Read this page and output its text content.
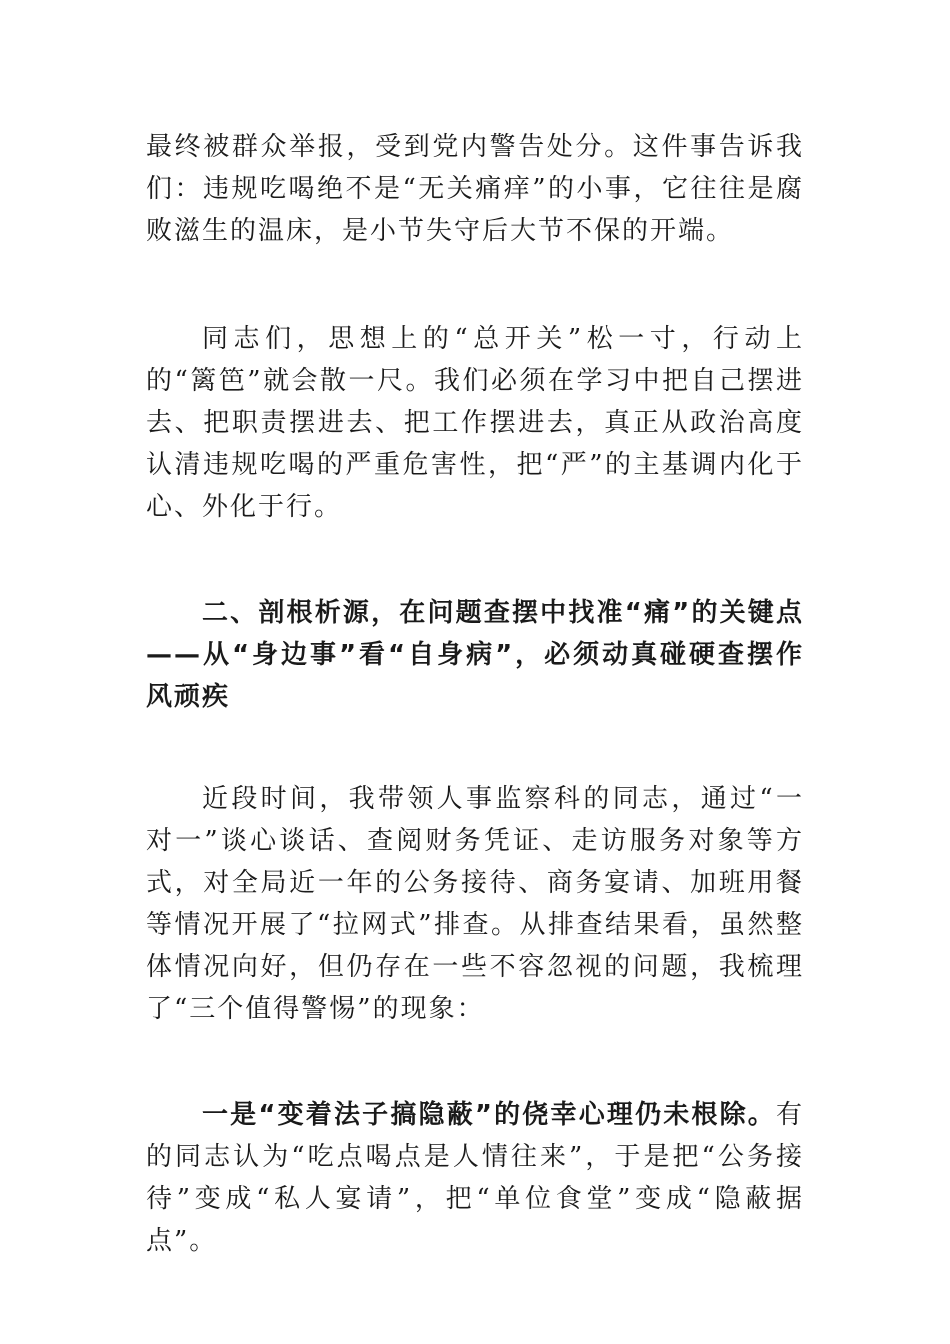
最终被群众举报，受到党内警告处分。这件事告诉我们：违规吃喝绝不是“无关痛痒”的小事，它往往是腐败滋生的温床，是小节失守后大节不保的开端。

同志们，思想上的“总开关”松一寸，行动上的“篱笆”就会散一尺。我们必须在学习中把自己摆进去、把职责摆进去、把工作摆进去，真正从政治高度认清违规吃喝的严重危害性，把“严”的主基调内化于心、外化于行。

二、剖根析源，在问题查摆中找准“痛”的关键点——从“身边事”看“自身病”，必须动真碰硬查摆作风顽疾

近段时间，我带领人事监察科的同志，通过“一对一”谈心谈话、查阅财务凭证、走访服务对象等方式，对全局近一年的公务接待、商务宴请、加班用餐等情况开展了“拉网式”排查。从排查结果看，虽然整体情况向好，但仍存在一些不容忽视的问题，我梳理了“三个值得警惕”的现象：

一是“变着法子搞隐蔽”的侥幸心理仍未根除。有的同志认为“吃点喝点是人情往来”，于是把“公务接待”变成“私人宴请”，把“单位食堂”变成“隐蔽据点”。
